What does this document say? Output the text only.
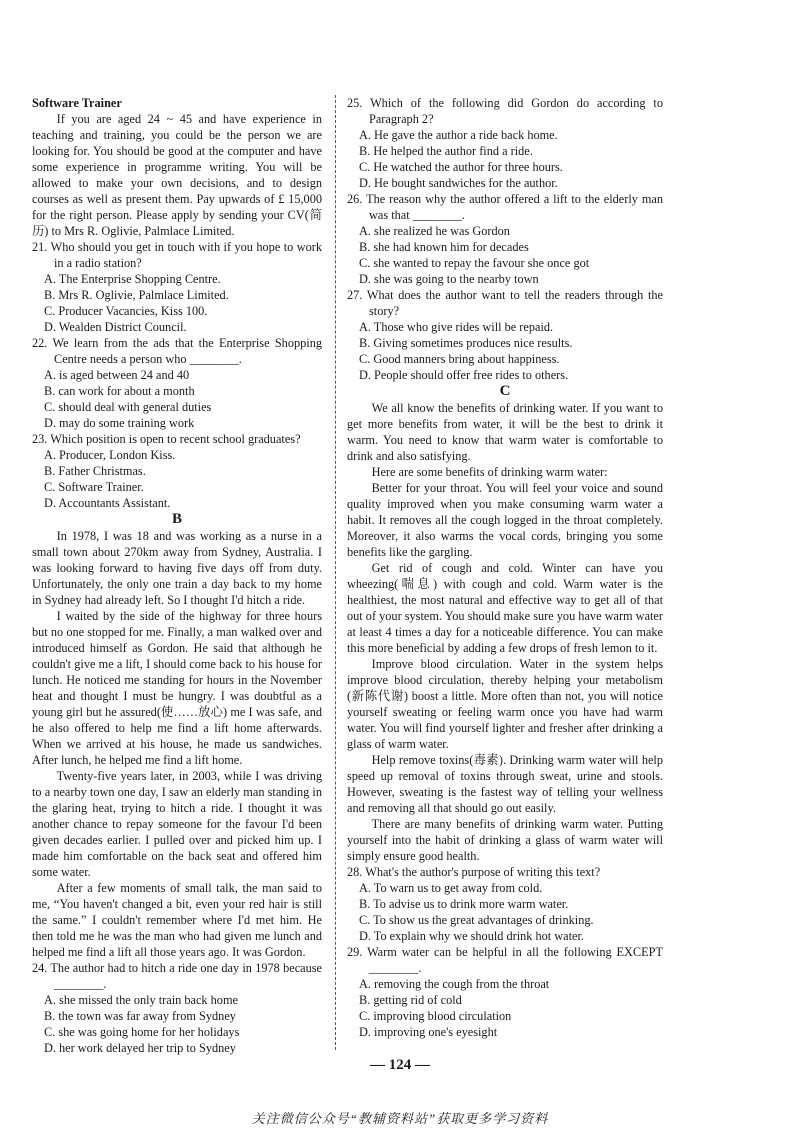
Software Trainer

If you are aged 24 ~ 45 and have experience in teaching and training, you could be the person we are looking for. You should be good at the computer and have some experience in programme writing. You will be allowed to make your own decisions, and to design courses as well as present them. Pay upwards of £ 15,000 for the right person. Please apply by sending your CV(简历) to Mrs R. Oglivie, Palmlace Limited.

21. Who should you get in touch with if you hope to work in a radio station?

A. The Enterprise Shopping Centre.

B. Mrs R. Oglivie, Palmlace Limited.

C. Producer Vacancies, Kiss 100.

D. Wealden District Council.

22. We learn from the ads that the Enterprise Shopping Centre needs a person who ________.

A. is aged between 24 and 40

B. can work for about a month

C. should deal with general duties

D. may do some training work

23. Which position is open to recent school graduates?

A. Producer, London Kiss.

B. Father Christmas.

C. Software Trainer.

D. Accountants Assistant.

B

In 1978, I was 18 and was working as a nurse in a small town about 270km away from Sydney, Australia. I was looking forward to having five days off from duty. Unfortunately, the only one train a day back to my home in Sydney had already left. So I thought I'd hitch a ride.

I waited by the side of the highway for three hours but no one stopped for me. Finally, a man walked over and introduced himself as Gordon. He said that although he couldn't give me a lift, I should come back to his house for lunch. He noticed me standing for hours in the November heat and thought I must be hungry. I was doubtful as a young girl but he assured(使……放心) me I was safe, and he also offered to help me find a lift home afterwards. When we arrived at his house, he made us sandwiches. After lunch, he helped me find a lift home.

Twenty-five years later, in 2003, while I was driving to a nearby town one day, I saw an elderly man standing in the glaring heat, trying to hitch a ride. I thought it was another chance to repay someone for the favour I'd been given decades earlier. I pulled over and picked him up. I made him comfortable on the back seat and offered him some water.

After a few moments of small talk, the man said to me, “You haven't changed a bit, even your red hair is still the same.” I couldn't remember where I'd met him. He then told me he was the man who had given me lunch and helped me find a lift all those years ago. It was Gordon.

24. The author had to hitch a ride one day in 1978 because ________.

A. she missed the only train back home

B. the town was far away from Sydney

C. she was going home for her holidays

D. her work delayed her trip to Sydney

25. Which of the following did Gordon do according to Paragraph 2?

A. He gave the author a ride back home.

B. He helped the author find a ride.

C. He watched the author for three hours.

D. He bought sandwiches for the author.

26. The reason why the author offered a lift to the elderly man was that ________.

A. she realized he was Gordon

B. she had known him for decades

C. she wanted to repay the favour she once got

D. she was going to the nearby town

27. What does the author want to tell the readers through the story?

A. Those who give rides will be repaid.

B. Giving sometimes produces nice results.

C. Good manners bring about happiness.

D. People should offer free rides to others.

C

We all know the benefits of drinking water. If you want to get more benefits from water, it will be the best to drink it warm. You need to know that warm water is comfortable to drink and also satisfying.

Here are some benefits of drinking warm water:

Better for your throat. You will feel your voice and sound quality improved when you make consuming warm water a habit. It removes all the cough logged in the throat completely. Moreover, it also warms the vocal cords, bringing you some benefits like the gargling.

Get rid of cough and cold. Winter can have you wheezing(喘息) with cough and cold. Warm water is the healthiest, the most natural and effective way to get all of that out of your system. You should make sure you have warm water at least 4 times a day for a noticeable difference. You can make this more beneficial by adding a few drops of fresh lemon to it.

Improve blood circulation. Water in the system helps improve blood circulation, thereby helping your metabolism (新陈代谢) boost a little. More often than not, you will notice yourself sweating or feeling warm once you have had warm water. You will find yourself lighter and fresher after drinking a glass of warm water.

Help remove toxins(毒素). Drinking warm water will help speed up removal of toxins through sweat, urine and stools. However, sweating is the fastest way of telling your wellness and removing all that should go out easily.

There are many benefits of drinking warm water. Putting yourself into the habit of drinking a glass of warm water will simply ensure good health.

28. What's the author's purpose of writing this text?

A. To warn us to get away from cold.

B. To advise us to drink more warm water.

C. To show us the great advantages of drinking.

D. To explain why we should drink hot water.

29. Warm water can be helpful in all the following EXCEPT ________.

A. removing the cough from the throat

B. getting rid of cold

C. improving blood circulation

D. improving one's eyesight

— 124 —
关注微信公众号“教辅资料站”获取更多学习资料
